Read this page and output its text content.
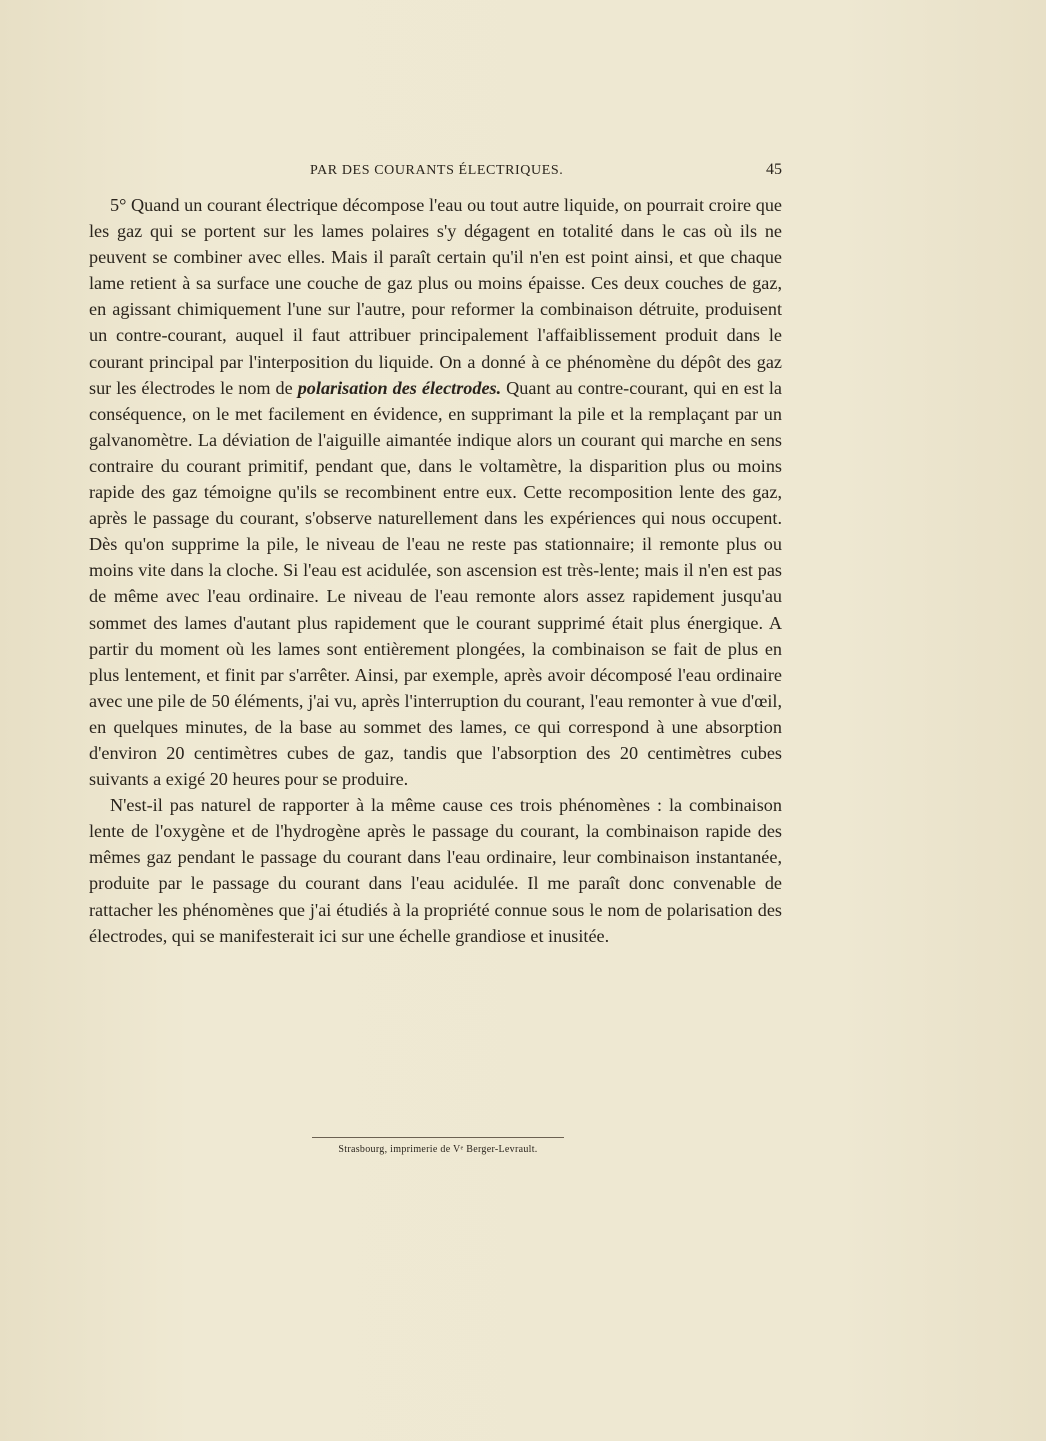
PAR DES COURANTS ÉLECTRIQUES.	45

5° Quand un courant électrique décompose l'eau ou tout autre liquide, on pourrait croire que les gaz qui se portent sur les lames polaires s'y dégagent en totalité dans le cas où ils ne peuvent se combiner avec elles. Mais il paraît certain qu'il n'en est point ainsi, et que chaque lame retient à sa surface une couche de gaz plus ou moins épaisse. Ces deux couches de gaz, en agissant chimiquement l'une sur l'autre, pour reformer la combinaison détruite, produisent un contre-courant, auquel il faut attribuer principalement l'affaiblissement produit dans le courant principal par l'interposition du liquide. On a donné à ce phénomène du dépôt des gaz sur les électrodes le nom de polarisation des électrodes. Quant au contre-courant, qui en est la conséquence, on le met facilement en évidence, en supprimant la pile et la remplaçant par un galvanomètre. La déviation de l'aiguille aimantée indique alors un courant qui marche en sens contraire du courant primitif, pendant que, dans le voltamètre, la disparition plus ou moins rapide des gaz témoigne qu'ils se recombinent entre eux. Cette recomposition lente des gaz, après le passage du courant, s'observe naturellement dans les expériences qui nous occupent. Dès qu'on supprime la pile, le niveau de l'eau ne reste pas stationnaire; il remonte plus ou moins vite dans la cloche. Si l'eau est acidulée, son ascension est très-lente; mais il n'en est pas de même avec l'eau ordinaire. Le niveau de l'eau remonte alors assez rapidement jusqu'au sommet des lames d'autant plus rapidement que le courant supprimé était plus énergique. A partir du moment où les lames sont entièrement plongées, la combinaison se fait de plus en plus lentement, et finit par s'arrêter. Ainsi, par exemple, après avoir décomposé l'eau ordinaire avec une pile de 50 éléments, j'ai vu, après l'interruption du courant, l'eau remonter à vue d'œil, en quelques minutes, de la base au sommet des lames, ce qui correspond à une absorption d'environ 20 centimètres cubes de gaz, tandis que l'absorption des 20 centimètres cubes suivants a exigé 20 heures pour se produire.

N'est-il pas naturel de rapporter à la même cause ces trois phénomènes : la combinaison lente de l'oxygène et de l'hydrogène après le passage du courant, la combinaison rapide des mêmes gaz pendant le passage du courant dans l'eau ordinaire, leur combinaison instantanée, produite par le passage du courant dans l'eau acidulée. Il me paraît donc convenable de rattacher les phénomènes que j'ai étudiés à la propriété connue sous le nom de polarisation des électrodes, qui se manifesterait ici sur une échelle grandiose et inusitée.

Strasbourg, imprimerie de Vᵉ Berger-Levrault.
